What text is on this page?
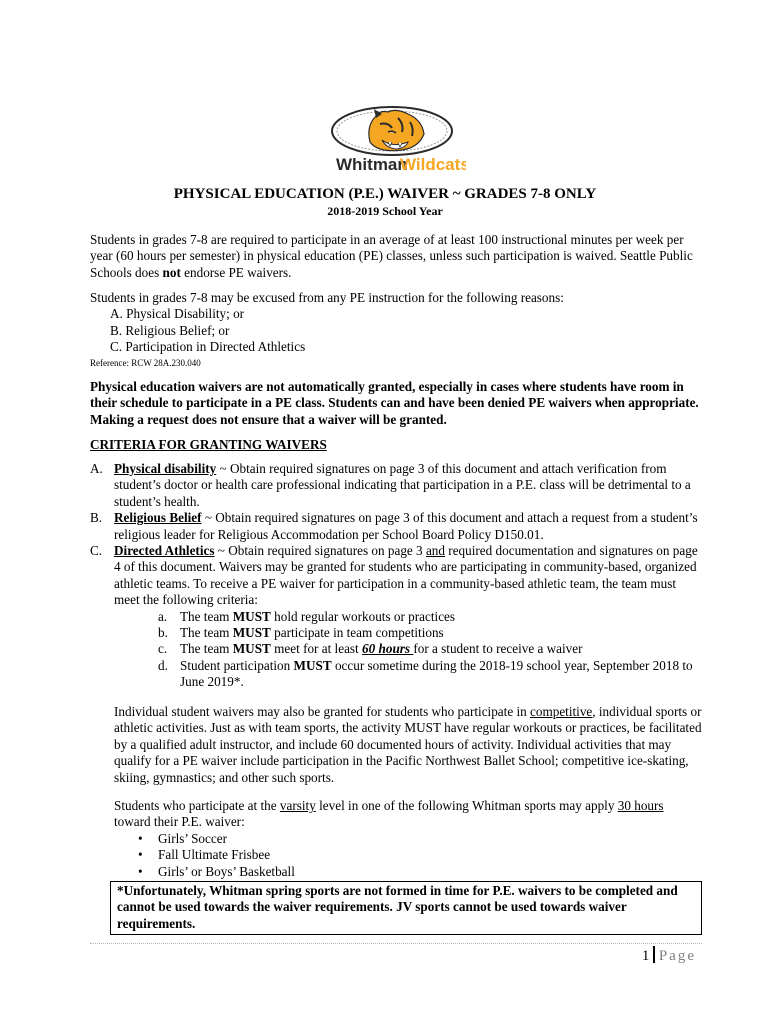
Whitman
Wildcats
PHYSICAL EDUCATION (P.E.) WAIVER ~ GRADES 7-8 ONLY
2018-2019 School Year
Students in grades 7-8 are required to participate in an average of at least 100 instructional minutes per week per year (60 hours per semester) in physical education (PE) classes, unless such participation is waived. Seattle Public Schools does not endorse PE waivers.
Students in grades 7-8 may be excused from any PE instruction for the following reasons:
A. Physical Disability; or
B. Religious Belief; or
C. Participation in Directed Athletics
Reference: RCW 28A.230.040
Physical education waivers are not automatically granted, especially in cases where students have room in their schedule to participate in a PE class. Students can and have been denied PE waivers when appropriate. Making a request does not ensure that a waiver will be granted.
CRITERIA FOR GRANTING WAIVERS
A. Physical disability ~ Obtain required signatures on page 3 of this document and attach verification from student’s doctor or health care professional indicating that participation in a P.E. class will be detrimental to a student’s health.
B. Religious Belief ~ Obtain required signatures on page 3 of this document and attach a request from a student’s religious leader for Religious Accommodation per School Board Policy D150.01.
C. Directed Athletics ~ Obtain required signatures on page 3 and required documentation and signatures on page 4 of this document. Waivers may be granted for students who are participating in community-based, organized athletic teams. To receive a PE waiver for participation in a community-based athletic team, the team must meet the following criteria:
a. The team MUST hold regular workouts or practices
b. The team MUST participate in team competitions
c. The team MUST meet for at least 60 hours for a student to receive a waiver
d. Student participation MUST occur sometime during the 2018-19 school year, September 2018 to June 2019*.
Individual student waivers may also be granted for students who participate in competitive, individual sports or athletic activities. Just as with team sports, the activity MUST have regular workouts or practices, be facilitated by a qualified adult instructor, and include 60 documented hours of activity. Individual activities that may qualify for a PE waiver include participation in the Pacific Northwest Ballet School; competitive ice-skating, skiing, gymnastics; and other such sports.
Students who participate at the varsity level in one of the following Whitman sports may apply 30 hours toward their P.E. waiver:
• Girls’ Soccer
• Fall Ultimate Frisbee
• Girls’ or Boys’ Basketball
*Unfortunately, Whitman spring sports are not formed in time for P.E. waivers to be completed and cannot be used towards the waiver requirements. JV sports cannot be used towards waiver requirements.
1 Page
